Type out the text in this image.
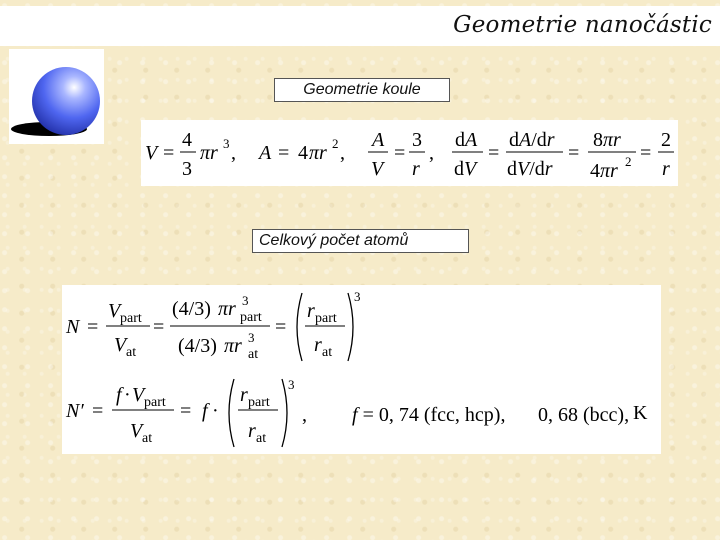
Geometrie nanočástic
Geometrie koule
V =
4
3
πr 3 , A = 4 πr 2 ,
A
V
=
3
r
,
dA
dV
=
dA/dr
dV/dr
=
8πr
4πr 2 =
2
r
Celkový počet atomů
N =
V part
V at
=
(4/3) πr 3
part
(4/3) πr 3
at
=
r part
r at
3
N′ =
f · V part
V at
= f ·
r part
r at
3
, f = 0, 74 (fcc, hcp), 0, 68 (bcc), K
